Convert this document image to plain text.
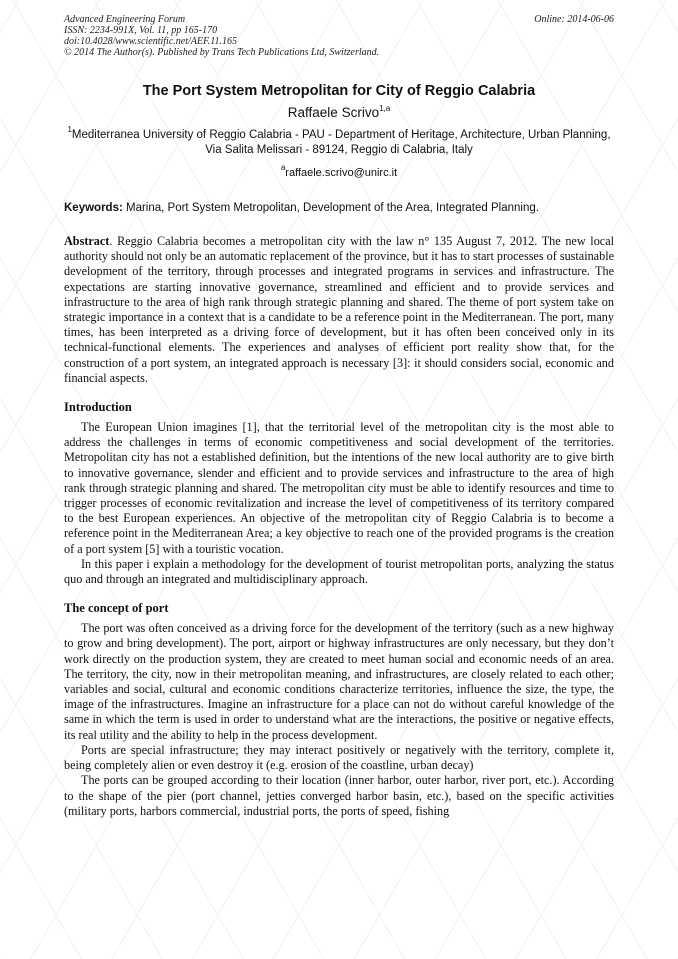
Advanced Engineering Forum
ISSN: 2234-991X, Vol. 11, pp 165-170
doi:10.4028/www.scientific.net/AEF.11.165
© 2014 The Author(s). Published by Trans Tech Publications Ltd, Switzerland.
Online: 2014-06-06
The Port System Metropolitan for City of Reggio Calabria
Raffaele Scrivo$^{1,a}$
$^1$Mediterranea University of Reggio Calabria - PAU - Department of Heritage, Architecture, Urban Planning, Via Salita Melissari - 89124, Reggio di Calabria, Italy
$^a$raffaele.scrivo@unirc.it
Keywords: Marina, Port System Metropolitan, Development of the Area, Integrated Planning.

Abstract. Reggio Calabria becomes a metropolitan city with the law n° 135 August 7, 2012. The new local authority should not only be an automatic replacement of the province, but it has to start processes of sustainable development of the territory, through processes and integrated programs in services and infrastructure. The expectations are starting innovative governance, streamlined and efficient and to provide services and infrastructure to the area of high rank through strategic planning and shared. The theme of port system take on strategic importance in a context that is a candidate to be a reference point in the Mediterranean. The port, many times, has been interpreted as a driving force of development, but it has often been conceived only in its technical-functional elements. The experiences and analyses of efficient port reality show that, for the construction of a port system, an integrated approach is necessary [3]: it should considers social, economic and financial aspects.

Introduction

The European Union imagines [1], that the territorial level of the metropolitan city is the most able to address the challenges in terms of economic competitiveness and social development of the territories. Metropolitan city has not a established definition, but the intentions of the new local authority are to give birth to innovative governance, slender and efficient and to provide services and infrastructure to the area of high rank through strategic planning and shared. The metropolitan city must be able to identify resources and time to trigger processes of economic revitalization and increase the level of competitiveness of its territory compared to the best European experiences. An objective of the metropolitan city of Reggio Calabria is to become a reference point in the Mediterranean Area; a key objective to reach one of the provided programs is the creation of a port system [5] with a touristic vocation.

In this paper i explain a methodology for the development of tourist metropolitan ports, analyzing the status quo and through an integrated and multidisciplinary approach.

The concept of port

The port was often conceived as a driving force for the development of the territory (such as a new highway to grow and bring development). The port, airport or highway infrastructures are only necessary, but they don’t work directly on the production system, they are created to meet human social and economic needs of an area. The territory, the city, now in their metropolitan meaning, and infrastructures, are closely related to each other; variables and social, cultural and economic conditions characterize territories, influence the size, the type, the image of the infrastructures. Imagine an infrastructure for a place can not do without careful knowledge of the same in which the term is used in order to understand what are the interactions, the positive or negative effects, its real utility and the ability to help in the process development.

Ports are special infrastructure; they may interact positively or negatively with the territory, complete it, being completely alien or even destroy it (e.g. erosion of the coastline, urban decay)

The ports can be grouped according to their location (inner harbor, outer harbor, river port, etc.). According to the shape of the pier (port channel, jetties converged harbor basin, etc.), based on the specific activities (military ports, harbors commercial, industrial ports, the ports of speed, fishing
